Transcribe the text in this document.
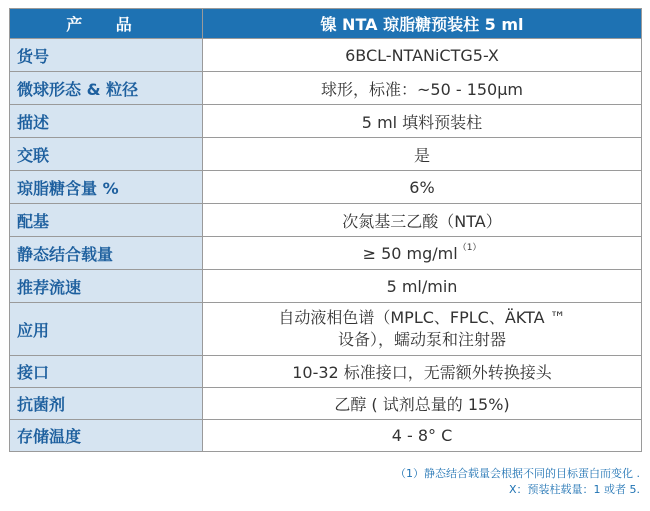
产 品	镍 NTA 琼脂糖预装柱 5 ml
货号	6BCL-NTANiCTG5-X
微球形态 & 粒径	球形，标准：~50 - 150μm
描述	5 ml 填料预装柱
交联	是
琼脂糖含量 %	6%
配基	次氮基三乙酸（NTA）
静态结合载量	≥ 50 $mg/ml^{(1)}$
推荐流速	5 ml/min
应用	自动液相色谱（MPLC、FPLC、ÄKTA ™
设备），蠕动泵和注射器

接口	10-32 标准接口，无需额外转换接头
抗菌剂	乙醇 ( 试剂总量的 15%)
存储温度	4 - 8° C
（1）静态结合载量会根据不同的目标蛋白而变化 .
X：预装柱载量：1 或者 5.
